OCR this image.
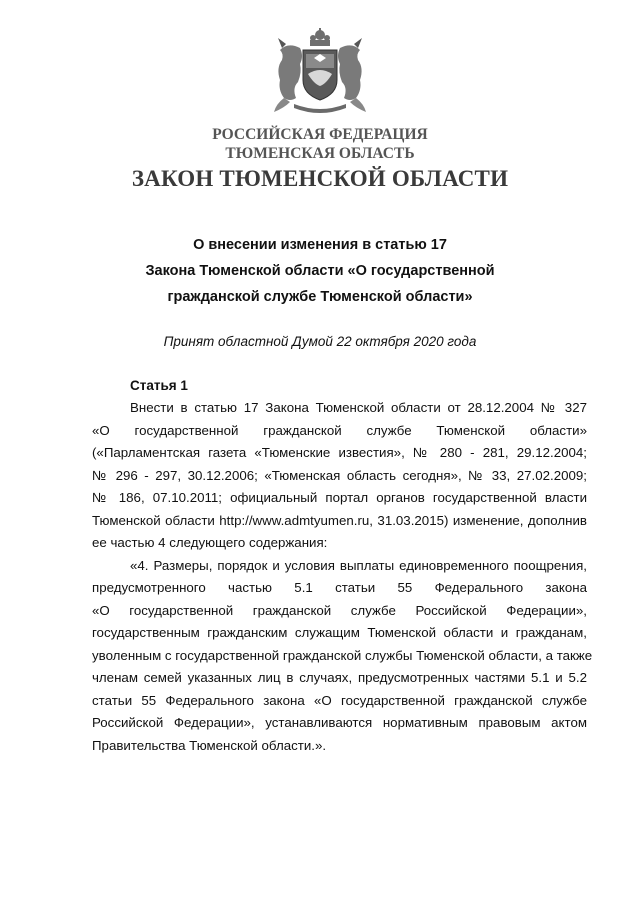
РОССИЙСКАЯ ФЕДЕРАЦИЯ
ТЮМЕНСКАЯ ОБЛАСТЬ
ЗАКОН ТЮМЕНСКОЙ ОБЛАСТИ
О внесении изменения в статью 17
Закона Тюменской области «О государственной
гражданской службе Тюменской области»
Принят областной Думой 22 октября 2020 года
Статья 1
Внести в статью 17 Закона Тюменской области от 28.12.2004 № 327
«О государственной гражданской службе Тюменской области»
(«Парламентская газета «Тюменские известия», № 280 - 281, 29.12.2004;
№ 296 - 297, 30.12.2006; «Тюменская область сегодня», № 33, 27.02.2009;
№ 186, 07.10.2011; официальный портал органов государственной власти
Тюменской области http://www.admtyumen.ru, 31.03.2015) изменение, дополнив
ее частью 4 следующего содержания:
«4. Размеры, порядок и условия выплаты единовременного поощрения,
предусмотренного частью 5.1 статьи 55 Федерального закона
«О государственной гражданской службе Российской Федерации»,
государственным гражданским служащим Тюменской области и гражданам,
уволенным с государственной гражданской службы Тюменской области, а также
членам семей указанных лиц в случаях, предусмотренных частями 5.1 и 5.2
статьи 55 Федерального закона «О государственной гражданской службе
Российской Федерации», устанавливаются нормативным правовым актом
Правительства Тюменской области.».
